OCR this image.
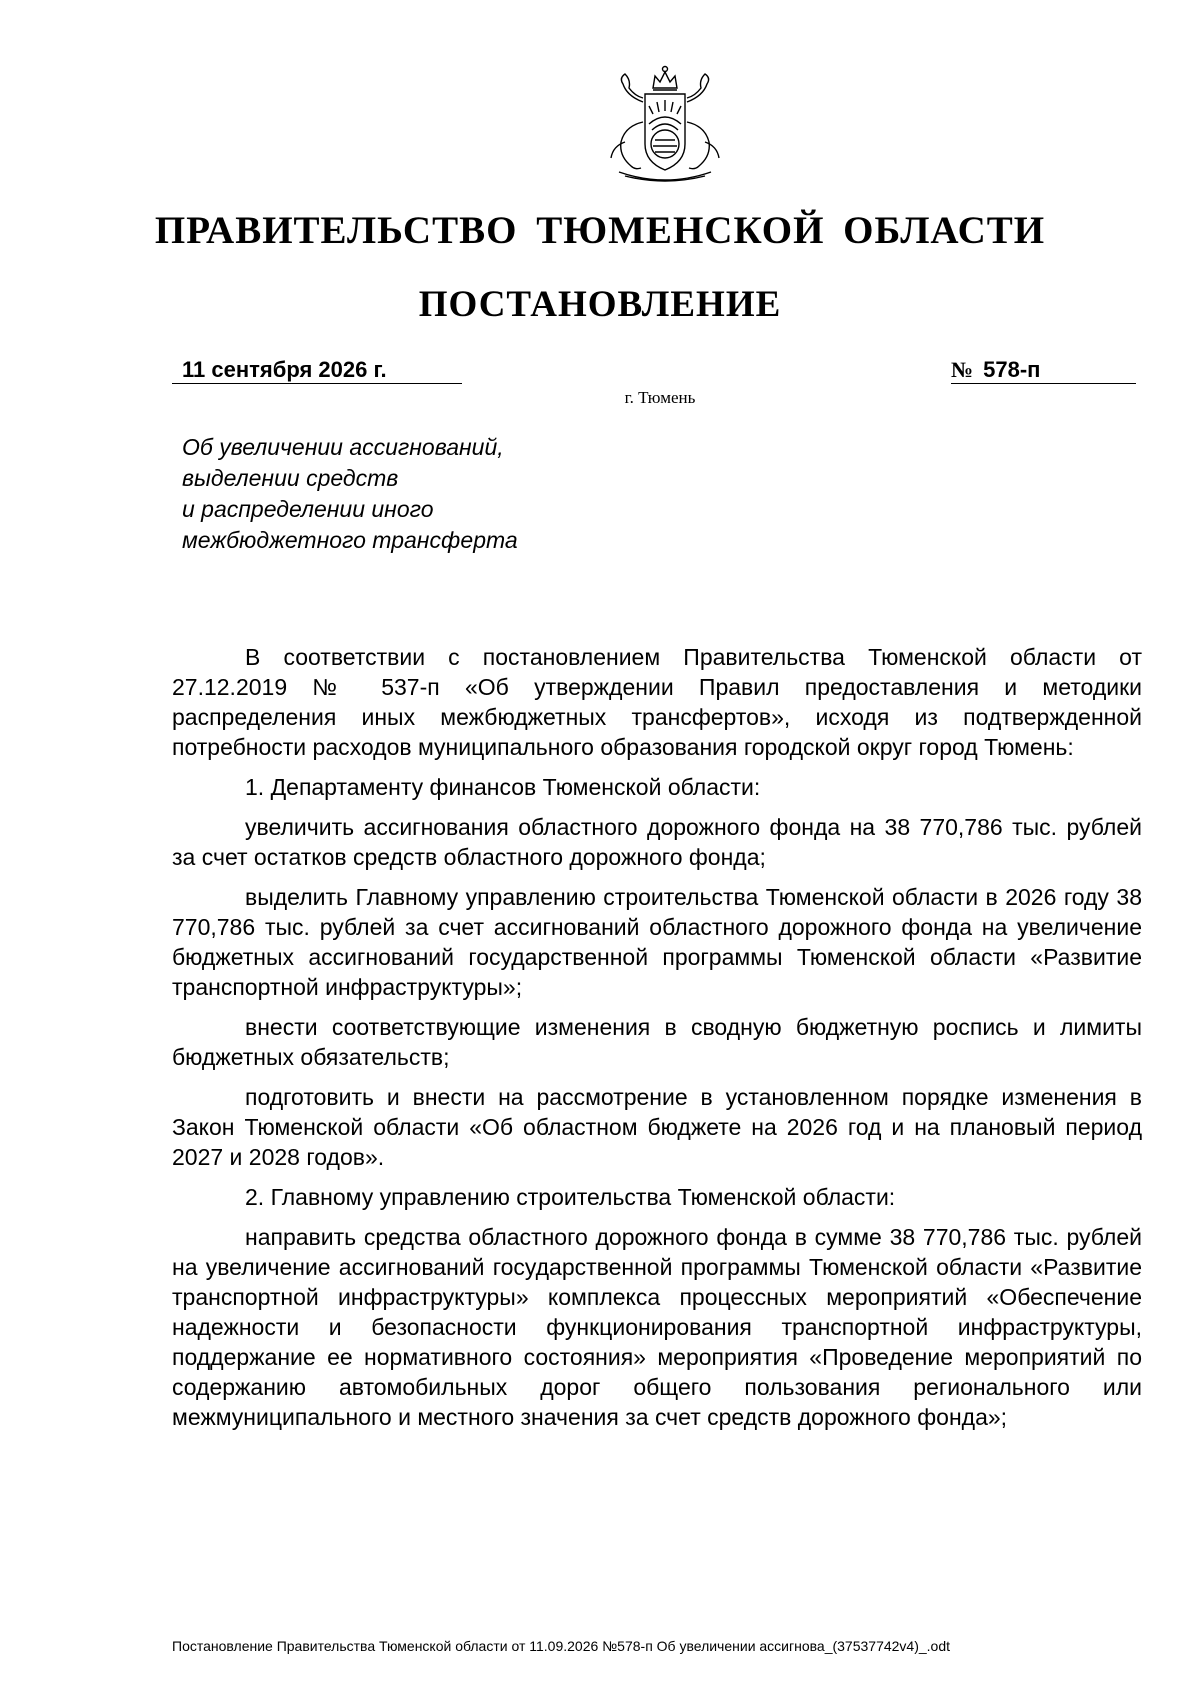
ПРАВИТЕЛЬСТВО ТЮМЕНСКОЙ ОБЛАСТИ
ПОСТАНОВЛЕНИЕ
11 сентября 2026 г.	№ 578-п
г. Тюмень
Об увеличении ассигнований,
выделении средств
и распределении иного
межбюджетного трансферта

В соответствии с постановлением Правительства Тюменской области от 27.12.2019 № 537-п «Об утверждении Правил предоставления и методики распределения иных межбюджетных трансфертов», исходя из подтвержденной потребности расходов муниципального образования городской округ город Тюмень:

1. Департаменту финансов Тюменской области:

увеличить ассигнования областного дорожного фонда на 38 770,786 тыс. рублей за счет остатков средств областного дорожного фонда;

выделить Главному управлению строительства Тюменской области в 2026 году 38 770,786 тыс. рублей за счет ассигнований областного дорожного фонда на увеличение бюджетных ассигнований государственной программы Тюменской области «Развитие транспортной инфраструктуры»;

внести соответствующие изменения в сводную бюджетную роспись и лимиты бюджетных обязательств;

подготовить и внести на рассмотрение в установленном порядке изменения в Закон Тюменской области «Об областном бюджете на 2026 год и на плановый период 2027 и 2028 годов».

2. Главному управлению строительства Тюменской области:

направить средства областного дорожного фонда в сумме 38 770,786 тыс. рублей на увеличение ассигнований государственной программы Тюменской области «Развитие транспортной инфраструктуры» комплекса процессных мероприятий «Обеспечение надежности и безопасности функционирования транспортной инфраструктуры, поддержание ее нормативного состояния» мероприятия «Проведение мероприятий по содержанию автомобильных дорог общего пользования регионального или межмуниципального и местного значения за счет средств дорожного фонда»;

Постановление Правительства Тюменской области от 11.09.2026 №578-п Об увеличении ассигнова_(37537742v4)_.odt
